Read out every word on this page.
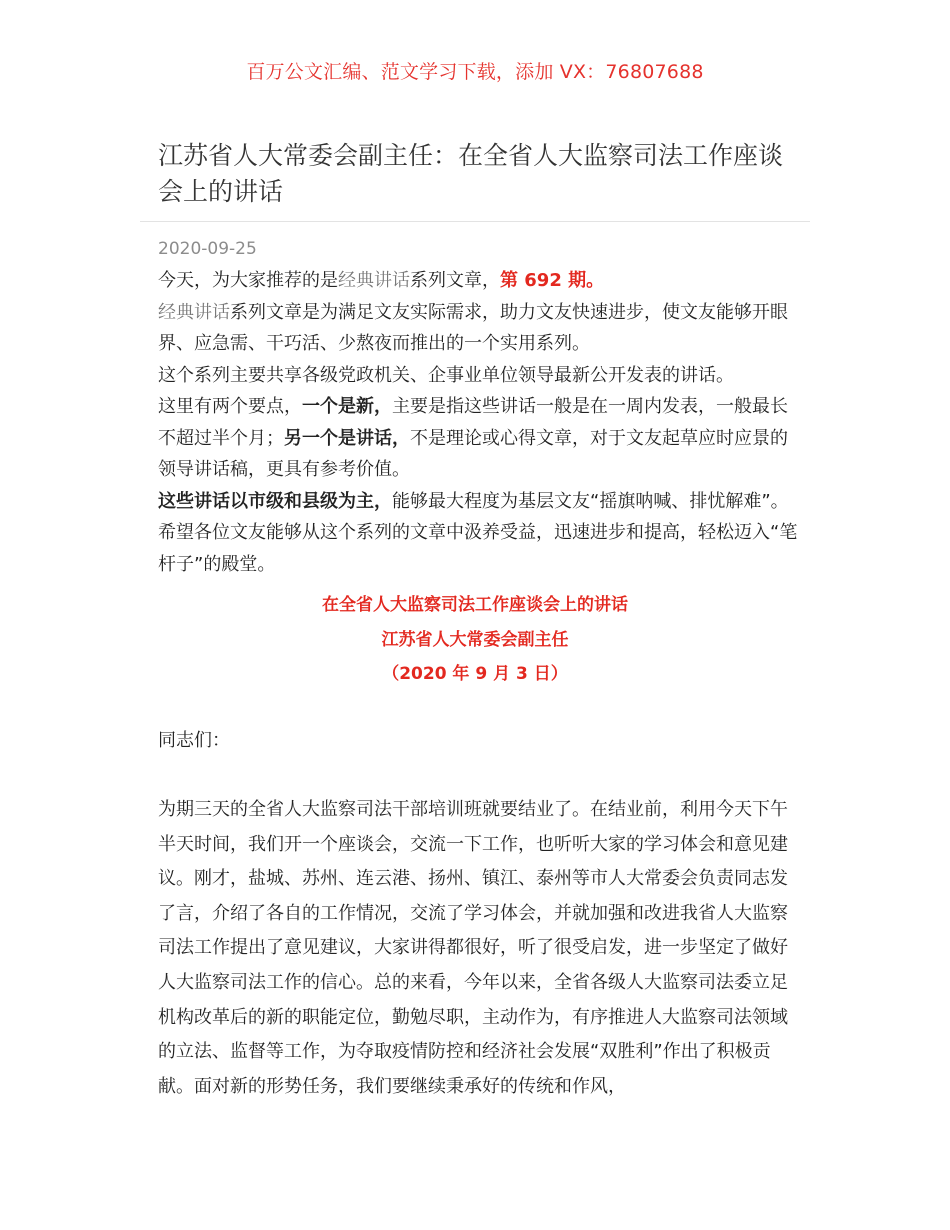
百万公文汇编、范文学习下载，添加 VX：76807688
江苏省人大常委会副主任：在全省人大监察司法工作座谈会上的讲话
2020-09-25

今天，为大家推荐的是经典讲话系列文章，第 692 期。

经典讲话系列文章是为满足文友实际需求，助力文友快速进步，使文友能够开眼界、应急需、干巧活、少熬夜而推出的一个实用系列。

这个系列主要共享各级党政机关、企事业单位领导最新公开发表的讲话。

这里有两个要点，一个是新，主要是指这些讲话一般是在一周内发表，一般最长不超过半个月；另一个是讲话，不是理论或心得文章，对于文友起草应时应景的领导讲话稿，更具有参考价值。

这些讲话以市级和县级为主，能够最大程度为基层文友“摇旗呐喊、排忧解难”。希望各位文友能够从这个系列的文章中汲养受益，迅速进步和提高，轻松迈入“笔杆子”的殿堂。

在全省人大监察司法工作座谈会上的讲话
江苏省人大常委会副主任
（2020 年 9 月 3 日）
同志们：

为期三天的全省人大监察司法干部培训班就要结业了。在结业前，利用今天下午半天时间，我们开一个座谈会，交流一下工作，也听听大家的学习体会和意见建议。刚才，盐城、苏州、连云港、扬州、镇江、泰州等市人大常委会负责同志发了言，介绍了各自的工作情况，交流了学习体会，并就加强和改进我省人大监察司法工作提出了意见建议，大家讲得都很好，听了很受启发，进一步坚定了做好人大监察司法工作的信心。总的来看，今年以来，全省各级人大监察司法委立足机构改革后的新的职能定位，勤勉尽职，主动作为，有序推进人大监察司法领域的立法、监督等工作，为夺取疫情防控和经济社会发展“双胜利”作出了积极贡献。面对新的形势任务，我们要继续秉承好的传统和作风，
